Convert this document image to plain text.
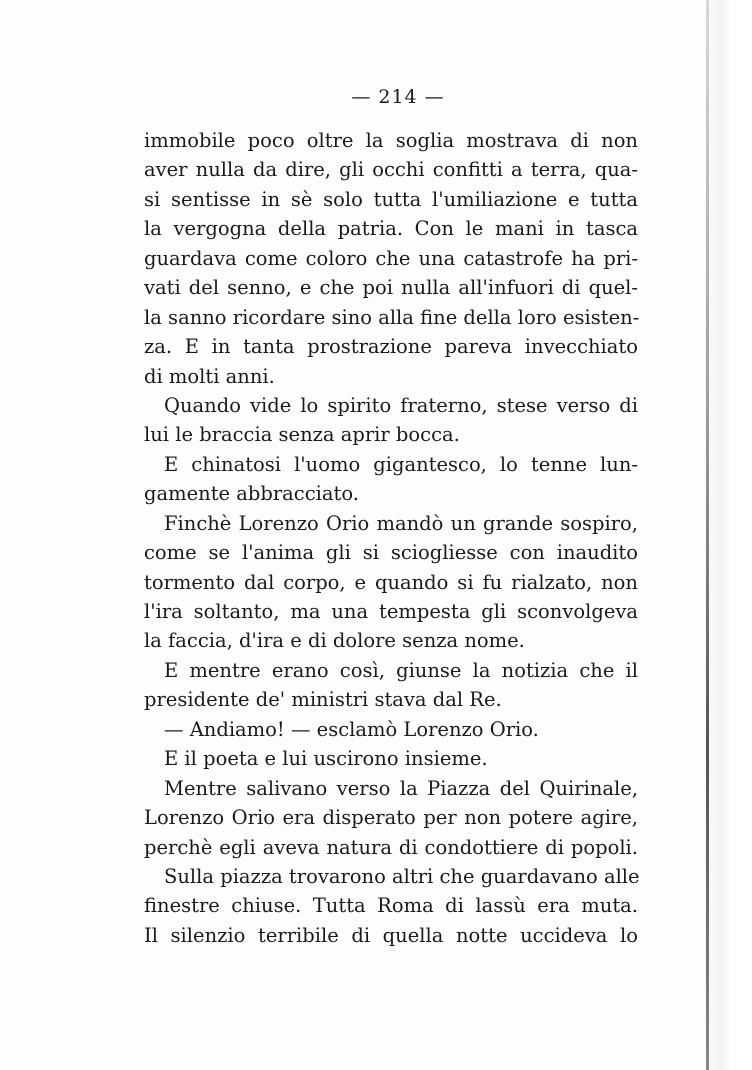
— 214 —
immobile poco oltre la soglia mostrava di non
aver nulla da dire, gli occhi confitti a terra, qua-
si sentisse in sè solo tutta l'umiliazione e tutta
la vergogna della patria. Con le mani in tasca
guardava come coloro che una catastrofe ha pri-
vati del senno, e che poi nulla all'infuori di quel-
la sanno ricordare sino alla fine della loro esisten-
za. E in tanta prostrazione pareva invecchiato
di molti anni.
Quando vide lo spirito fraterno, stese verso di
lui le braccia senza aprir bocca.
E chinatosi l'uomo gigantesco, lo tenne lun-
gamente abbracciato.
Finchè Lorenzo Orio mandò un grande sospiro,
come se l'anima gli si sciogliesse con inaudito
tormento dal corpo, e quando si fu rialzato, non
l'ira soltanto, ma una tempesta gli sconvolgeva
la faccia, d'ira e di dolore senza nome.
E mentre erano così, giunse la notizia che il
presidente de' ministri stava dal Re.
— Andiamo! — esclamò Lorenzo Orio.
E il poeta e lui uscirono insieme.
Mentre salivano verso la Piazza del Quirinale,
Lorenzo Orio era disperato per non potere agire,
perchè egli aveva natura di condottiere di popoli.
Sulla piazza trovarono altri che guardavano alle
finestre chiuse. Tutta Roma di lassù era muta.
Il silenzio terribile di quella notte uccideva lo
